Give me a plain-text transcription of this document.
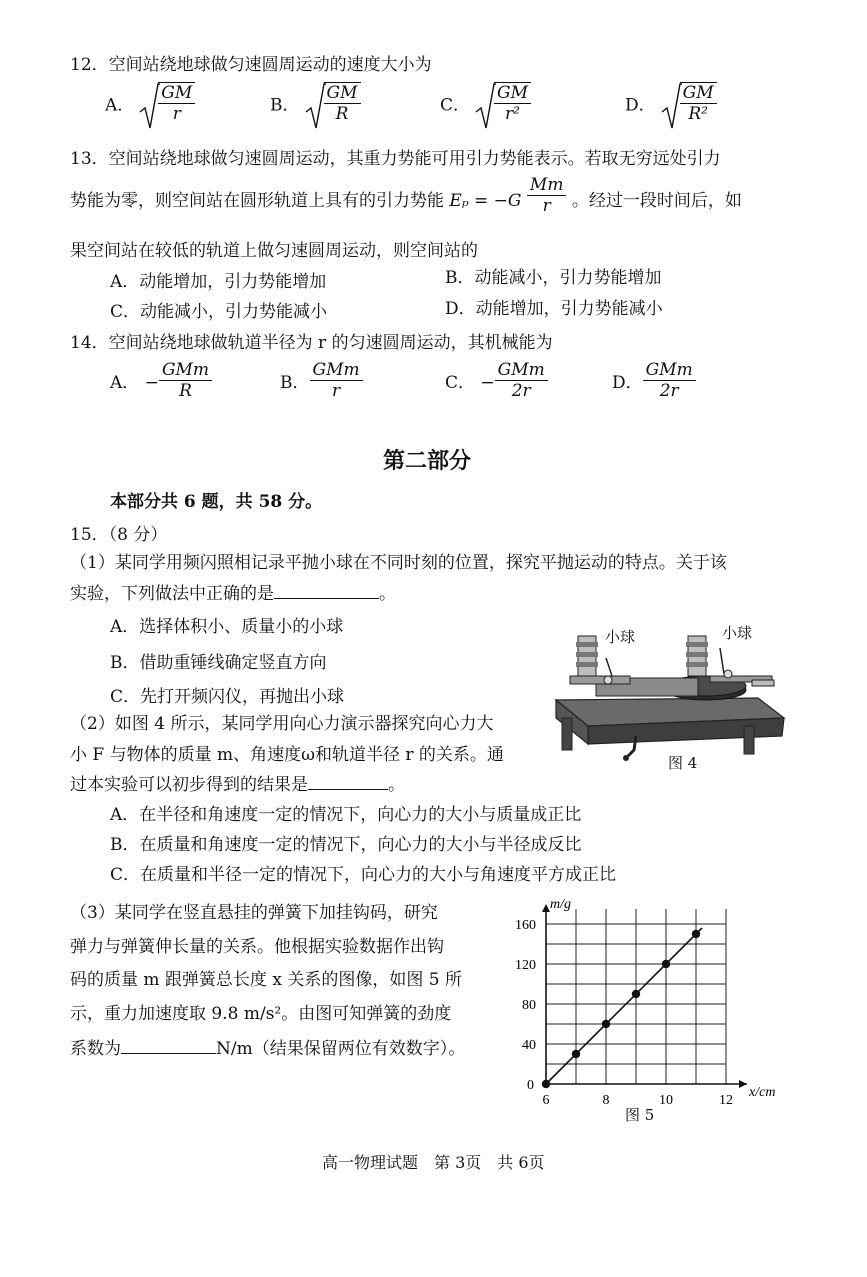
12．空间站绕地球做匀速圆周运动的速度大小为
A． $\frac{GM}{r}$	B． $\frac{GM}{R}$	C． $\frac{GM}{\text{r²}}$	D． $\frac{GM}{\text{R²}}$
13．空间站绕地球做匀速圆周运动，其重力势能可用引力势能表示。若取无穷远处引力
势能为零，则空间站在圆形轨道上具有的引力势能 $E_p = -G \frac{Mm}{r}$ 。经过一段时间后，如
果空间站在较低的轨道上做匀速圆周运动，则空间站的
A．动能增加，引力势能增加	B．动能减小，引力势能增加
C．动能减小，引力势能减小	D．动能增加，引力势能减小
14．空间站绕地球做轨道半径为 r 的匀速圆周运动，其机械能为
A． − $\frac{\text{GMm}}{R}$	B． $\frac{\text{GMm}}{r}$	C． − $\frac{\text{GMm}}{2r}$	D． $\frac{\text{GMm}}{2r}$
第二部分
本部分共 6 题，共 58 分。
15．（8 分）
（1）某同学用频闪照相记录平抛小球在不同时刻的位置，探究平抛运动的特点。关于该
实验，下列做法中正确的是	。
A．选择体积小、质量小的小球
B．借助重锤线确定竖直方向
C．先打开频闪仪，再抛出小球
（2）如图 4 所示，某同学用向心力演示器探究向心力大
小 F 与物体的质量 m、角速度ω和轨道半径 r 的关系。通
过本实验可以初步得到的结果是	。
A．在半径和角速度一定的情况下，向心力的大小与质量成正比
B．在质量和角速度一定的情况下，向心力的大小与半径成反比
C．在质量和半径一定的情况下，向心力的大小与角速度平方成正比
（3）某同学在竖直悬挂的弹簧下加挂钩码，研究
弹力与弹簧伸长量的关系。他根据实验数据作出钩
码的质量 m 跟弹簧总长度 x 关系的图像，如图 5 所
示，重力加速度取 9.8 m/s²。由图可知弹簧的劲度
系数为	N/m（结果保留两位有效数字）。
小球	小球
图 4
8	10	12
6
0
40
80
120
160
x/cm
m/g
图 5
高一物理试题　第 3页　共 6页
